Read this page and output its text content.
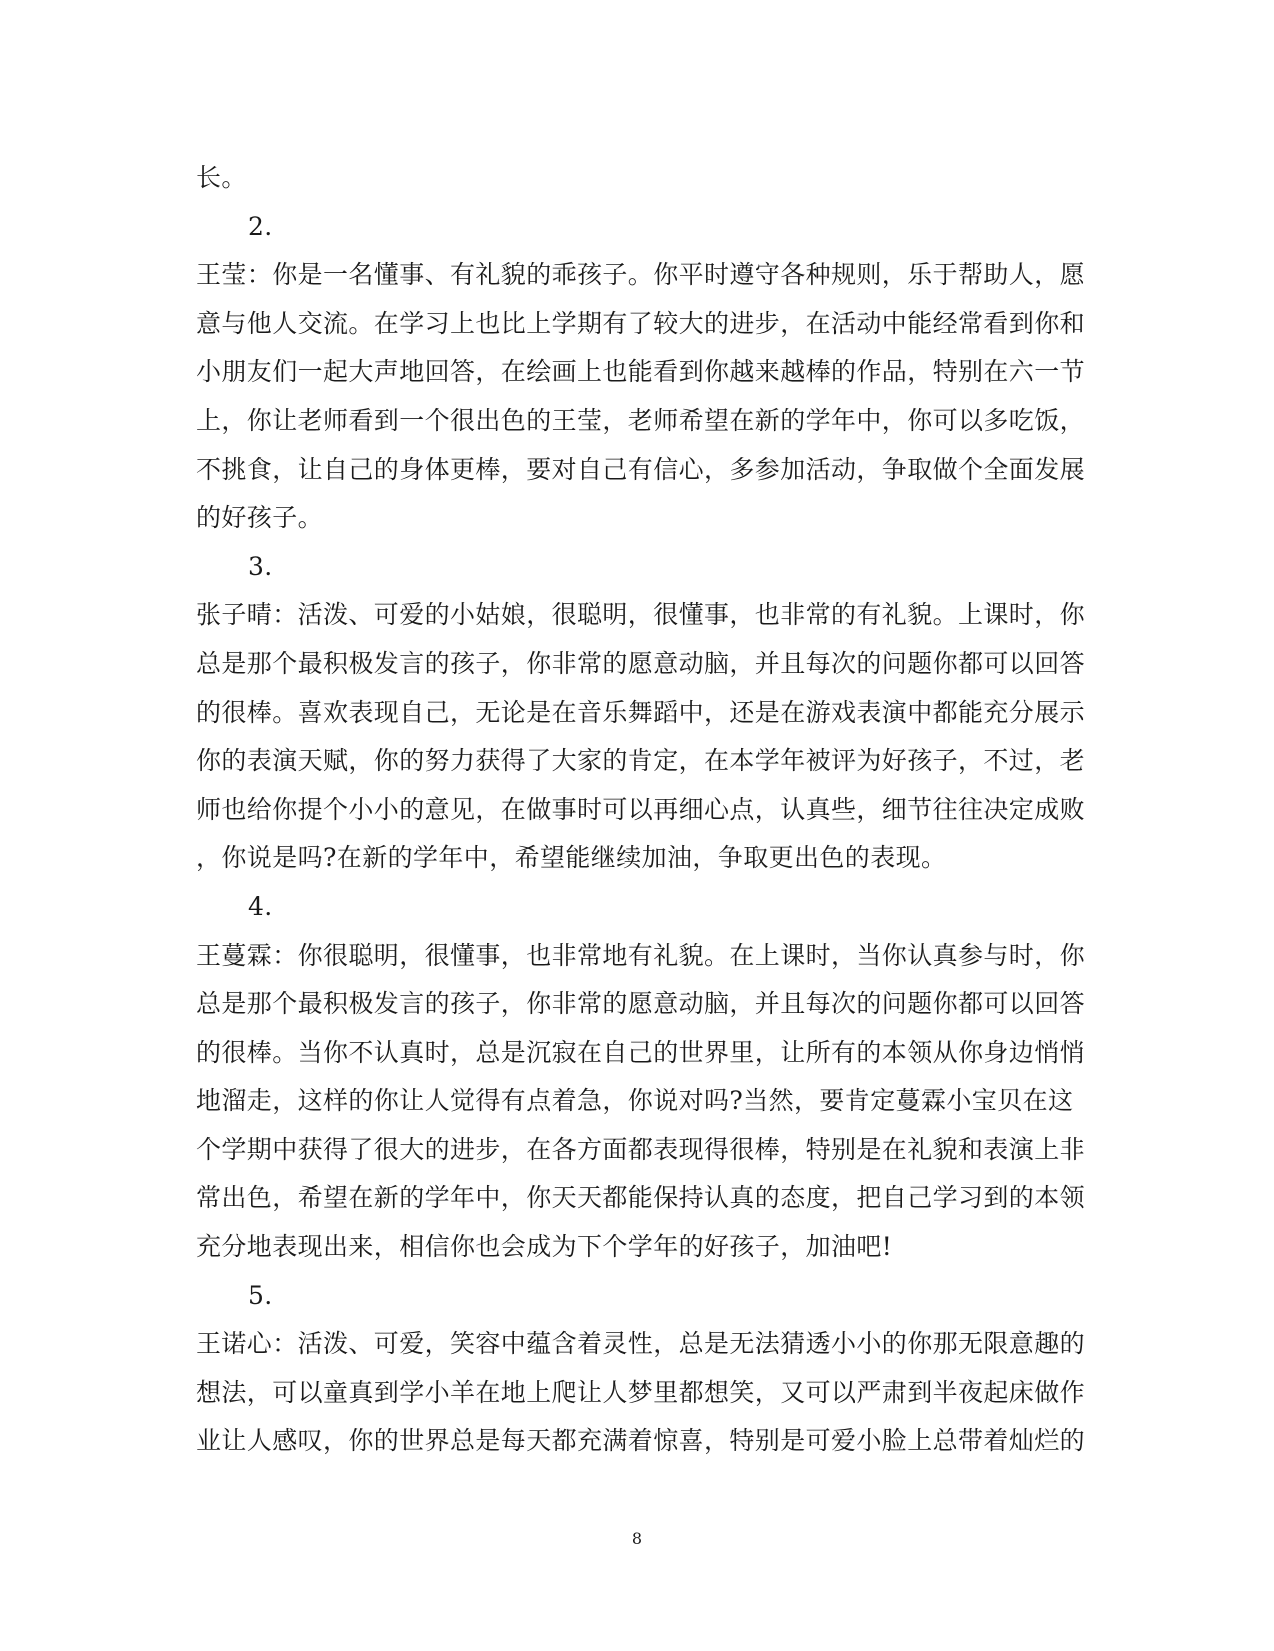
长。
2.
王莹：你是一名懂事、有礼貌的乖孩子。你平时遵守各种规则，乐于帮助人，愿
意与他人交流。在学习上也比上学期有了较大的进步，在活动中能经常看到你和
小朋友们一起大声地回答，在绘画上也能看到你越来越棒的作品，特别在六一节
上，你让老师看到一个很出色的王莹，老师希望在新的学年中，你可以多吃饭，
不挑食，让自己的身体更棒，要对自己有信心，多参加活动，争取做个全面发展
的好孩子。
3.
张子晴：活泼、可爱的小姑娘，很聪明，很懂事，也非常的有礼貌。上课时，你
总是那个最积极发言的孩子，你非常的愿意动脑，并且每次的问题你都可以回答
的很棒。喜欢表现自己，无论是在音乐舞蹈中，还是在游戏表演中都能充分展示
你的表演天赋，你的努力获得了大家的肯定，在本学年被评为好孩子，不过，老
师也给你提个小小的意见，在做事时可以再细心点，认真些，细节往往决定成败
，你说是吗?在新的学年中，希望能继续加油，争取更出色的表现。
4.
王蔓霖：你很聪明，很懂事，也非常地有礼貌。在上课时，当你认真参与时，你
总是那个最积极发言的孩子，你非常的愿意动脑，并且每次的问题你都可以回答
的很棒。当你不认真时，总是沉寂在自己的世界里，让所有的本领从你身边悄悄
地溜走，这样的你让人觉得有点着急，你说对吗?当然，要肯定蔓霖小宝贝在这
个学期中获得了很大的进步，在各方面都表现得很棒，特别是在礼貌和表演上非
常出色，希望在新的学年中，你天天都能保持认真的态度，把自己学习到的本领
充分地表现出来，相信你也会成为下个学年的好孩子，加油吧!
5.
王诺心：活泼、可爱，笑容中蕴含着灵性，总是无法猜透小小的你那无限意趣的
想法，可以童真到学小羊在地上爬让人梦里都想笑，又可以严肃到半夜起床做作
业让人感叹，你的世界总是每天都充满着惊喜，特别是可爱小脸上总带着灿烂的
8
